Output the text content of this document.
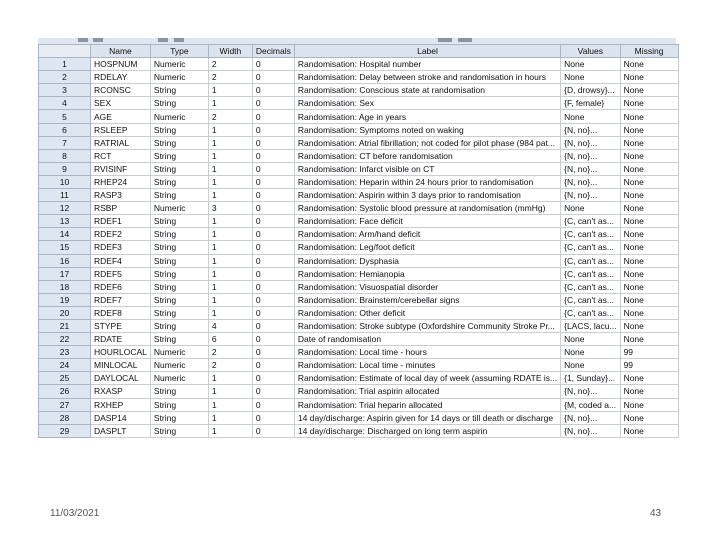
	Name	Type	Width	Decimals	Label	Values	Missing
1	HOSPNUM	Numeric	2	0	Randomisation: Hospital number	None	None
2	RDELAY	Numeric	2	0	Randomisation: Delay between stroke and randomisation in hours	None	None
3	RCONSC	String	1	0	Randomisation: Conscious state at randomisation	{D, drowsy}...	None
4	SEX	String	1	0	Randomisation: Sex	{F, female}	None
5	AGE	Numeric	2	0	Randomisation: Age in years	None	None
6	RSLEEP	String	1	0	Randomisation: Symptoms noted on waking	{N, no}...	None
7	RATRIAL	String	1	0	Randomisation: Atrial fibrillation; not coded for pilot phase (984 pat...	{N, no}...	None
8	RCT	String	1	0	Randomisation: CT before randomisation	{N, no}...	None
9	RVISINF	String	1	0	Randomisation: Infarct visible on CT	{N, no}...	None
10	RHEP24	String	1	0	Randomisation: Heparin within 24 hours prior to randomisation	{N, no}...	None
11	RASP3	String	1	0	Randomisation: Aspirin within 3 days prior to randomisation	{N, no}...	None
12	RSBP	Numeric	3	0	Randomisation: Systolic blood pressure at randomisation (mmHg)	None	None
13	RDEF1	String	1	0	Randomisation: Face deficit	{C, can't as...	None
14	RDEF2	String	1	0	Randomisation: Arm/hand deficit	{C, can't as...	None
15	RDEF3	String	1	0	Randomisation: Leg/foot deficit	{C, can't as...	None
16	RDEF4	String	1	0	Randomisation: Dysphasia	{C, can't as...	None
17	RDEF5	String	1	0	Randomisation: Hemianopia	{C, can't as...	None
18	RDEF6	String	1	0	Randomisation: Visuospatial disorder	{C, can't as...	None
19	RDEF7	String	1	0	Randomisation: Brainstem/cerebellar signs	{C, can't as...	None
20	RDEF8	String	1	0	Randomisation: Other deficit	{C, can't as...	None
21	STYPE	String	4	0	Randomisation: Stroke subtype (Oxfordshire Community Stroke Pr...	{LACS, lacu...	None
22	RDATE	String	6	0	Date of randomisation	None	None
23	HOURLOCAL	Numeric	2	0	Randomisation: Local time - hours	None	99
24	MINLOCAL	Numeric	2	0	Randomisation: Local time - minutes	None	99
25	DAYLOCAL	Numeric	1	0	Randomisation: Estimate of local day of week (assuming RDATE is...	{1, Sunday}...	None
26	RXASP	String	1	0	Randomisation: Trial aspirin allocated	{N, no}...	None
27	RXHEP	String	1	0	Randomisation: Trial heparin allocated	{M, coded a...	None
28	DASP14	String	1	0	14 day/discharge: Aspirin given for 14 days or till death or discharge	{N, no}...	None
29	DASPLT	String	1	0	14 day/discharge: Discharged on long term aspirin	{N, no}...	None
11/03/2021	43
